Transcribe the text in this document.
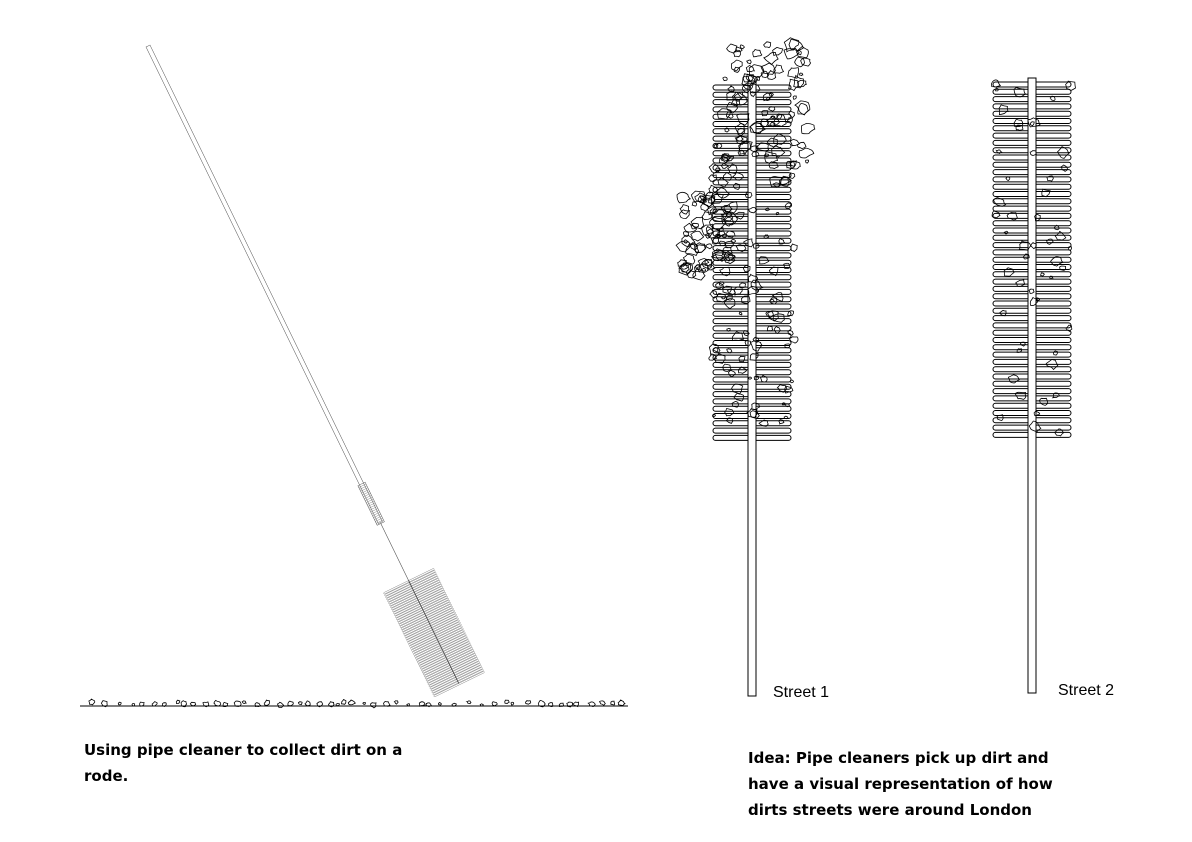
Street 1	Street 2
Using pipe cleaner to collect dirt on a rode.
Idea: Pipe cleaners pick up dirt and have a visual representation of how dirts streets were around London
